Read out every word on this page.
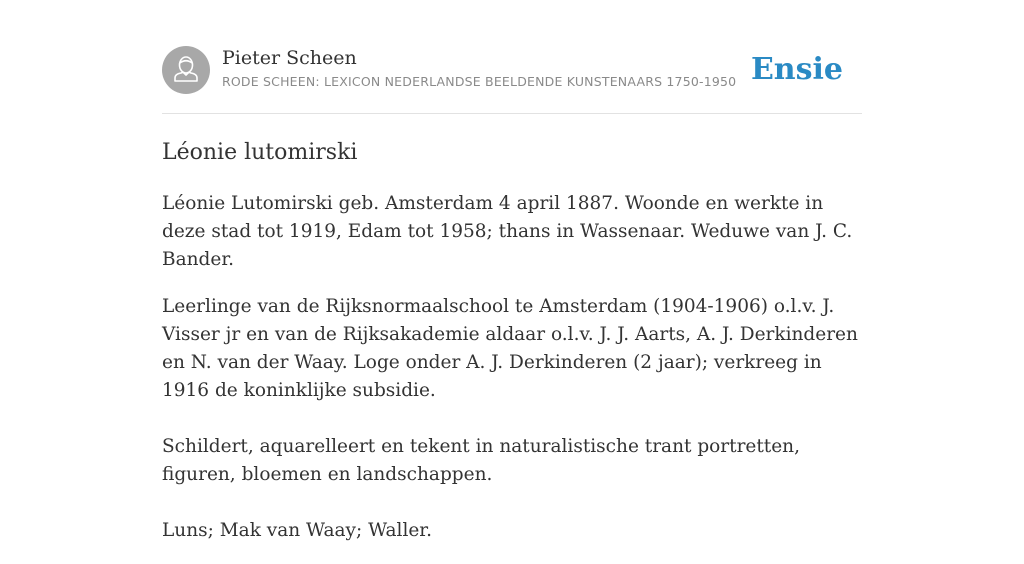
Pieter Scheen
RODE SCHEEN: LEXICON NEDERLANDSE BEELDENDE KUNSTENAARS 1750-1950 Ensie
Léonie lutomirski

Léonie Lutomirski geb. Amsterdam 4 april 1887. Woonde en werkte in deze stad tot 1919, Edam tot 1958; thans in Wassenaar. Weduwe van J. C. Bander.

Leerlinge van de Rijksnormaalschool te Amsterdam (1904-1906) o.l.v. J. Visser jr en van de Rijksakademie aldaar o.l.v. J. J. Aarts, A. J. Derkinderen en N. van der Waay. Loge onder A. J. Derkinderen (2 jaar); verkreeg in 1916 de koninklijke subsidie.

Schildert, aquarelleert en tekent in naturalistische trant portretten, figuren, bloemen en landschappen.

Luns; Mak van Waay; Waller.
